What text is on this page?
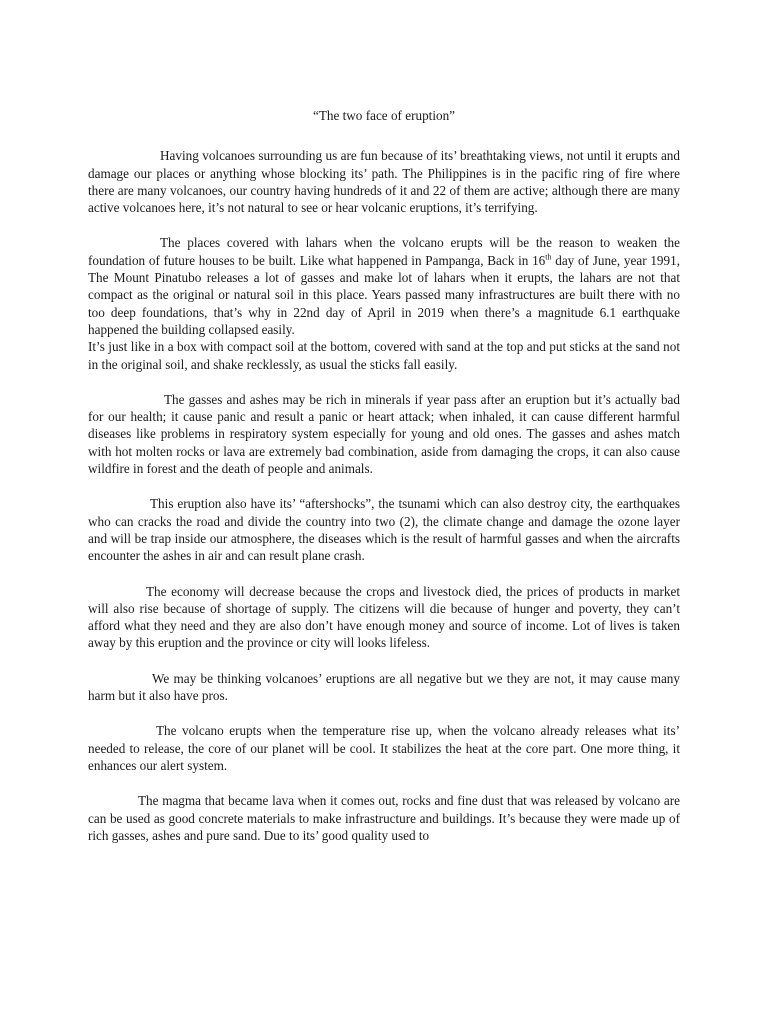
“The two face of eruption”

Having volcanoes surrounding us are fun because of its’ breathtaking views, not until it erupts and damage our places or anything whose blocking its’ path. The Philippines is in the pacific ring of fire where there are many volcanoes, our country having hundreds of it and 22 of them are active; although there are many active volcanoes here, it’s not natural to see or hear volcanic eruptions, it’s terrifying.

The places covered with lahars when the volcano erupts will be the reason to weaken the foundation of future houses to be built. Like what happened in Pampanga, Back in 16th day of June, year 1991, The Mount Pinatubo releases a lot of gasses and make lot of lahars when it erupts, the lahars are not that compact as the original or natural soil in this place. Years passed many infrastructures are built there with no too deep foundations, that’s why in 22nd day of April in 2019 when there’s a magnitude 6.1 earthquake happened the building collapsed easily.

It’s just like in a box with compact soil at the bottom, covered with sand at the top and put sticks at the sand not in the original soil, and shake recklessly, as usual the sticks fall easily.

The gasses and ashes may be rich in minerals if year pass after an eruption but it’s actually bad for our health; it cause panic and result a panic or heart attack; when inhaled, it can cause different harmful diseases like problems in respiratory system especially for young and old ones. The gasses and ashes match with hot molten rocks or lava are extremely bad combination, aside from damaging the crops, it can also cause wildfire in forest and the death of people and animals.

This eruption also have its’ “aftershocks”, the tsunami which can also destroy city, the earthquakes who can cracks the road and divide the country into two (2), the climate change and damage the ozone layer and will be trap inside our atmosphere, the diseases which is the result of harmful gasses and when the aircrafts encounter the ashes in air and can result plane crash.

The economy will decrease because the crops and livestock died, the prices of products in market will also rise because of shortage of supply. The citizens will die because of hunger and poverty, they can’t afford what they need and they are also don’t have enough money and source of income. Lot of lives is taken away by this eruption and the province or city will looks lifeless.

We may be thinking volcanoes’ eruptions are all negative but we they are not, it may cause many harm but it also have pros.

The volcano erupts when the temperature rise up, when the volcano already releases what its’ needed to release, the core of our planet will be cool. It stabilizes the heat at the core part. One more thing, it enhances our alert system.

The magma that became lava when it comes out, rocks and fine dust that was released by volcano are can be used as good concrete materials to make infrastructure and buildings. It’s because they were made up of rich gasses, ashes and pure sand. Due to its’ good quality used to
